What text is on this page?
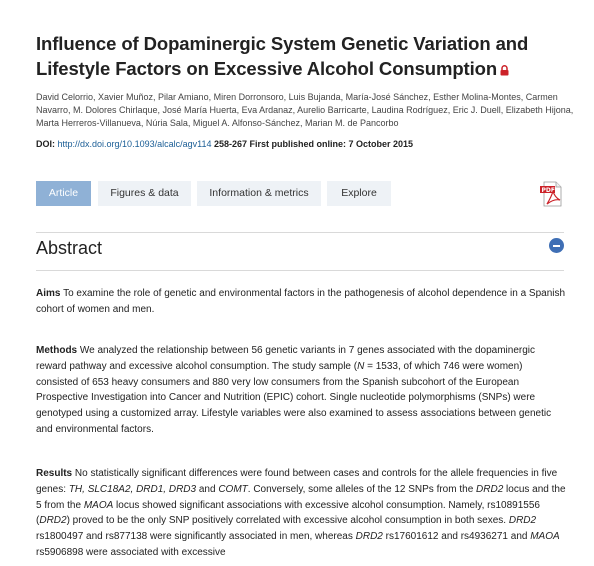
Influence of Dopaminergic System Genetic Variation and Lifestyle Factors on Excessive Alcohol Consumption
David Celorrio, Xavier Muñoz, Pilar Amiano, Miren Dorronsoro, Luis Bujanda, María-José Sánchez, Esther Molina-Montes, Carmen Navarro, M. Dolores Chirlaque, José María Huerta, Eva Ardanaz, Aurelio Barricarte, Laudina Rodríguez, Eric J. Duell, Elizabeth Hijona, Marta Herreros-Villanueva, Núria Sala, Miguel A. Alfonso-Sánchez, Marian M. de Pancorbo
DOI: http://dx.doi.org/10.1093/alcalc/agv114 258-267 First published online: 7 October 2015
Article	Figures & data	Information & metrics	Explore	PDF
Abstract
Aims To examine the role of genetic and environmental factors in the pathogenesis of alcohol dependence in a Spanish cohort of women and men.
Methods We analyzed the relationship between 56 genetic variants in 7 genes associated with the dopaminergic reward pathway and excessive alcohol consumption. The study sample (N = 1533, of which 746 were women) consisted of 653 heavy consumers and 880 very low consumers from the Spanish subcohort of the European Prospective Investigation into Cancer and Nutrition (EPIC) cohort. Single nucleotide polymorphisms (SNPs) were genotyped using a customized array. Lifestyle variables were also examined to assess associations between genetic and environmental factors.
Results No statistically significant differences were found between cases and controls for the allele frequencies in five genes: TH, SLC18A2, DRD1, DRD3 and COMT. Conversely, some alleles of the 12 SNPs from the DRD2 locus and the 5 from the MAOA locus showed significant associations with excessive alcohol consumption. Namely, rs10891556 (DRD2) proved to be the only SNP positively correlated with excessive alcohol consumption in both sexes. DRD2 rs1800497 and rs877138 were significantly associated in men, whereas DRD2 rs17601612 and rs4936271 and MAOA rs5906898 were associated with excessive
